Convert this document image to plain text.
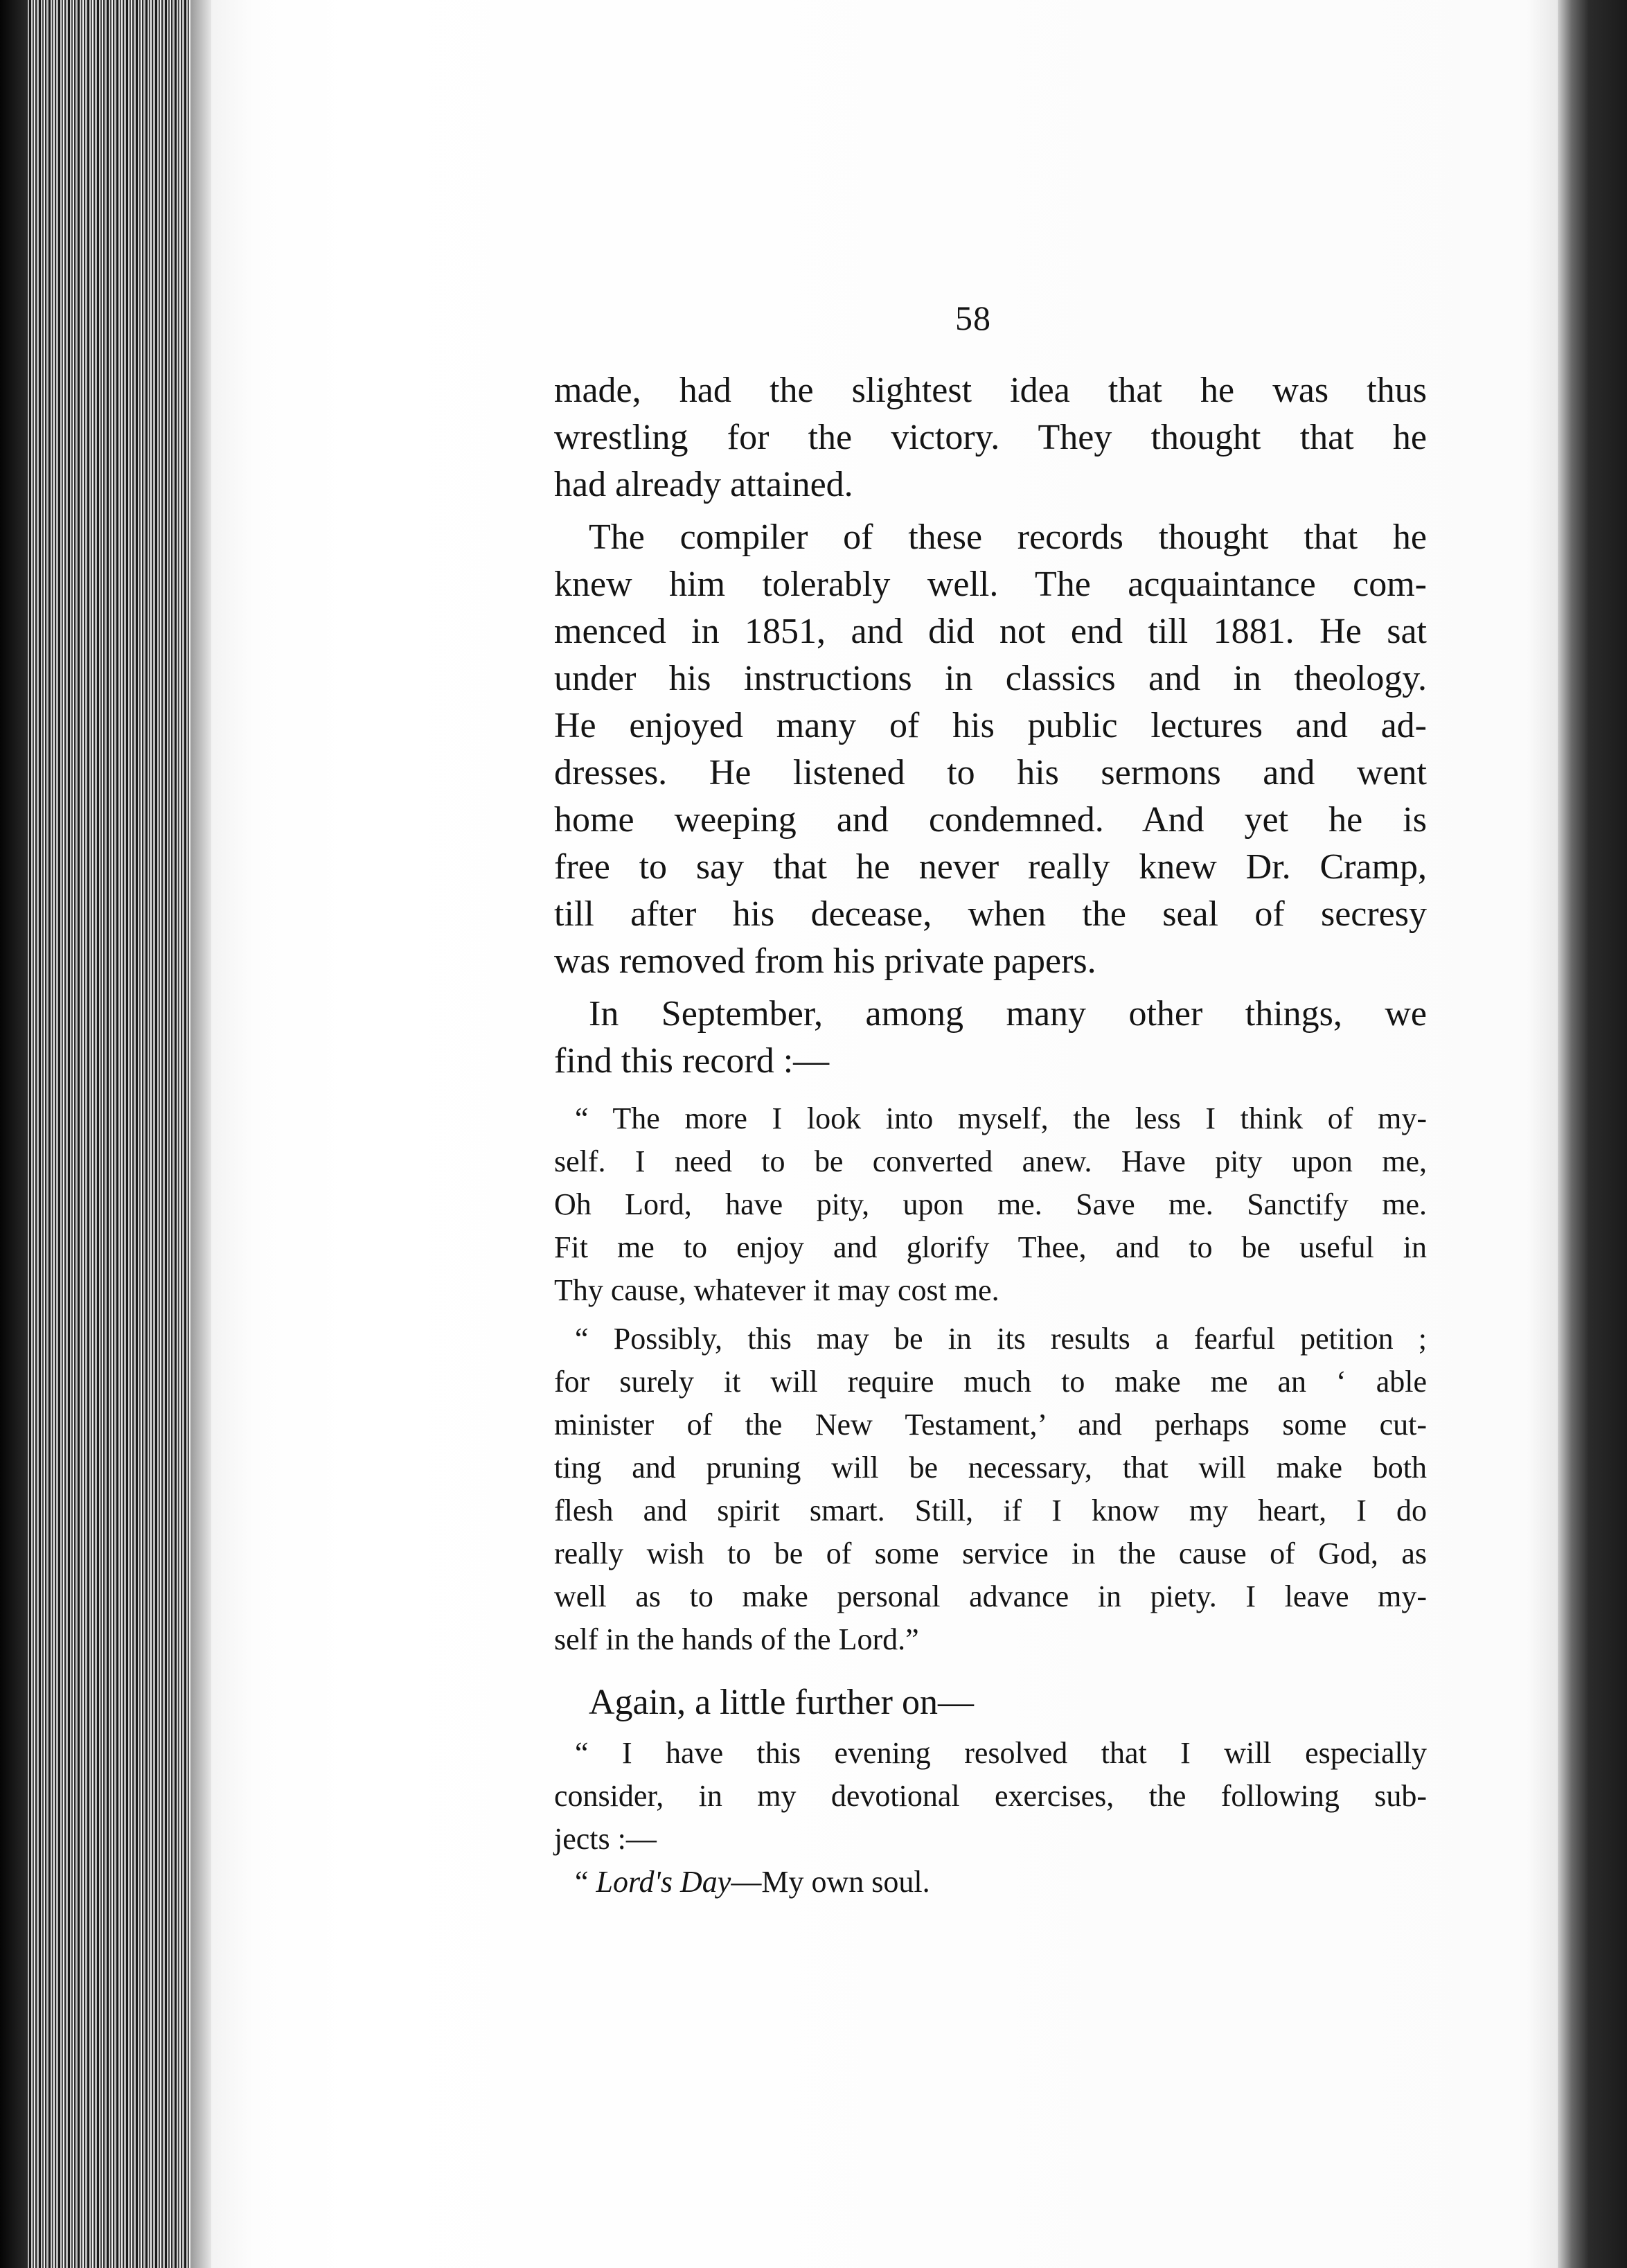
58
made, had the slightest idea that he was thus
wrestling for the victory. They thought that he
had already attained.
The compiler of these records thought that he
knew him tolerably well. The acquaintance com-
menced in 1851, and did not end till 1881. He sat
under his instructions in classics and in theology.
He enjoyed many of his public lectures and ad-
dresses. He listened to his sermons and went
home weeping and condemned. And yet he is
free to say that he never really knew Dr. Cramp,
till after his decease, when the seal of secresy
was removed from his private papers.
In September, among many other things, we
find this record :—
“ The more I look into myself, the less I think of my-
self. I need to be converted anew. Have pity upon me,
Oh Lord, have pity, upon me. Save me. Sanctify me.
Fit me to enjoy and glorify Thee, and to be useful in
Thy cause, whatever it may cost me.
“ Possibly, this may be in its results a fearful petition ;
for surely it will require much to make me an ‘ able
minister of the New Testament,’ and perhaps some cut-
ting and pruning will be necessary, that will make both
flesh and spirit smart. Still, if I know my heart, I do
really wish to be of some service in the cause of God, as
well as to make personal advance in piety. I leave my-
self in the hands of the Lord.”
Again, a little further on—
“ I have this evening resolved that I will especially
consider, in my devotional exercises, the following sub-
jects :—
“ Lord's Day—My own soul.
